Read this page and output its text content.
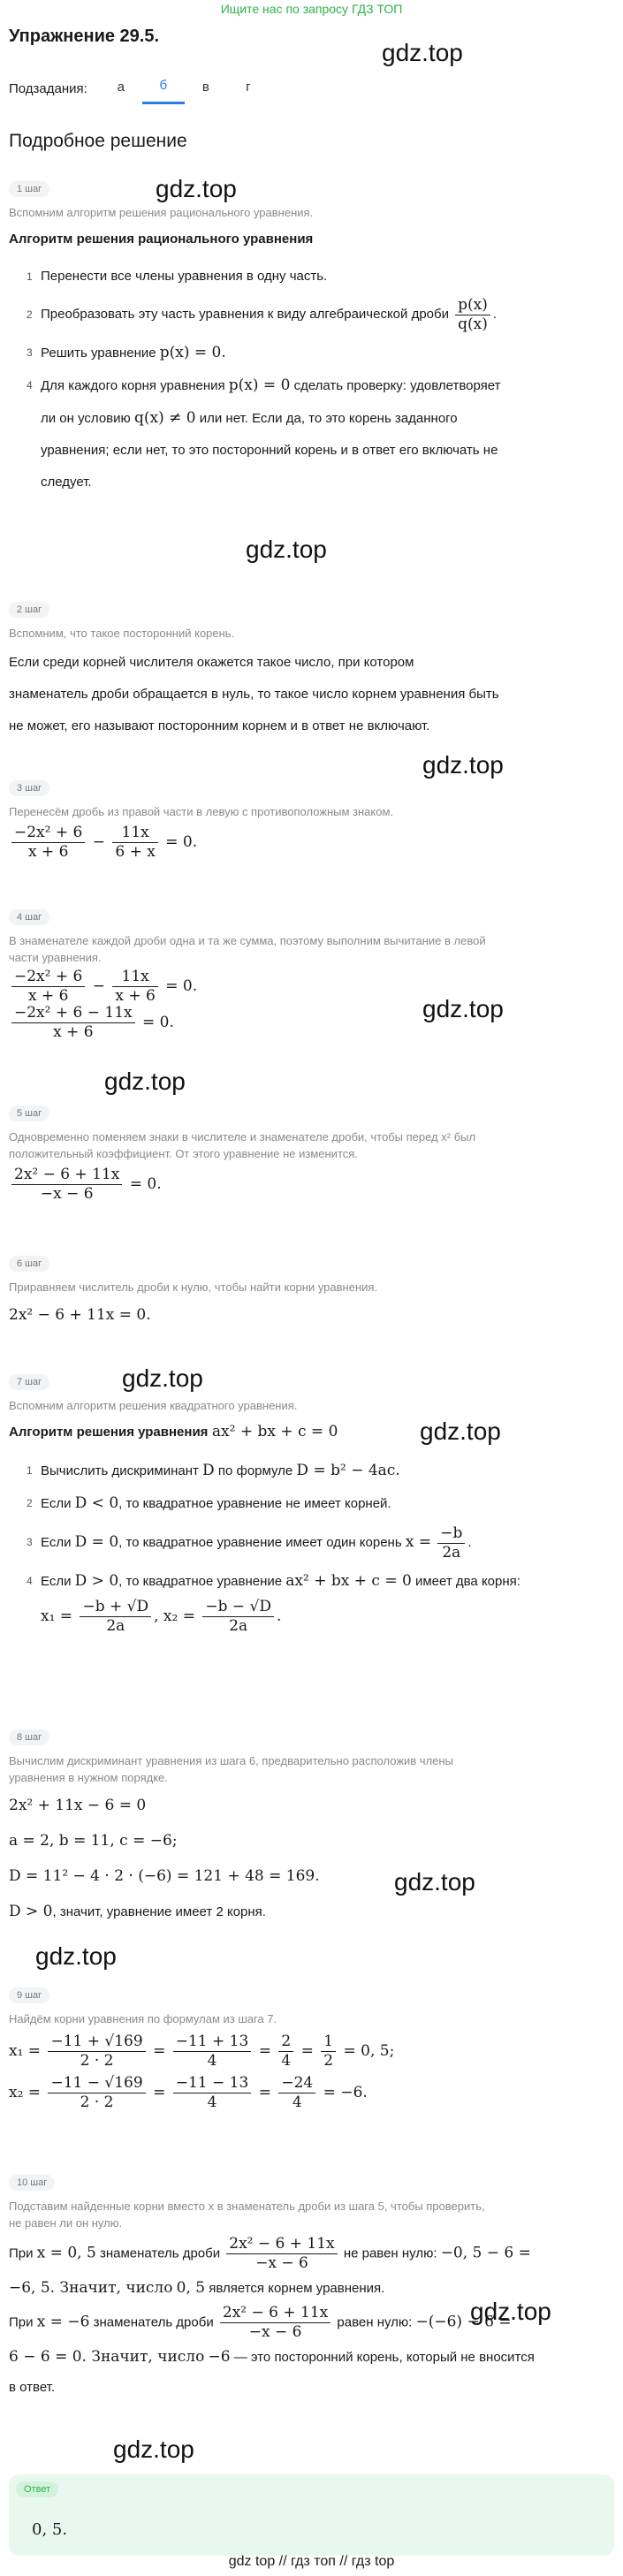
Ищите нас по запросу ГДЗ ТОП
Упражнение 29.5.
gdz.top
Подзадания:	а	б	в	г
Подробное решение
1 шаг
Вспомним алгоритм решения рационального уравнения.
Алгоритм решения рационального уравнения
1 Перенести все члены уравнения в одну часть.
2 Преобразовать эту часть уравнения к виду алгебраической дроби $\frac{p(x)}{q(x)}$ .
3 Решить уравнение p(x) = 0.
4 Для каждого корня уравнения p(x) = 0 сделать проверку: удовлетворяет
ли он условию q(x) ≠ 0 или нет. Если да, то это корень заданного
уравнения; если нет, то это посторонний корень и в ответ его включать не
следует.
gdz.top
gdz.top
2 шаг
Вспомним, что такое посторонний корень.
Если среди корней числителя окажется такое число, при котором
знаменатель дроби обращается в нуль, то такое число корнем уравнения быть
не может, его называют посторонним корнем и в ответ не включают.
gdz.top
3 шаг
Перенесём дробь из правой части в левую с противоположным знаком.
$\frac{\text{−2x² + 6}}{x + 6} - \frac{11x}{6 + x} = 0$.
4 шаг
В знаменателе каждой дроби одна и та же сумма, поэтому выполним вычитание в левой
части уравнения.
$\frac{\text{−2x² + 6}}{x + 6} - \frac{11x}{x + 6} = 0$.
$\frac{\text{−2x² + 6 − 11x}}{x + 6} = 0$.	gdz.top
gdz.top
5 шаг
Одновременно поменяем знаки в числителе и знаменателе дроби, чтобы перед x² был
положительный коэффициент. От этого уравнение не изменится.
$\frac{\text{2x² − 6 + 11x}}{-x - 6} = 0$.
6 шаг
Приравняем числитель дроби к нулю, чтобы найти корни уравнения.
2x² − 6 + 11x = 0.
7 шаг
Вспомним алгоритм решения квадратного уравнения.
Алгоритм решения уравнения ax² + bx + c = 0
1 Вычислить дискриминант D по формуле D = b² − 4ac.
2 Если D < 0, то квадратное уравнение не имеет корней.
3 Если D = 0, то квадратное уравнение имеет один корень $x = \frac{-b}{2a}$ .
4 Если D > 0, то квадратное уравнение ax² + bx + c = 0 имеет два корня:
$x_1 = \frac{-b + √D}{2a}$ , $x_2 = \frac{-b - √D}{2a}$ .
gdz.top
gdz.top
8 шаг
Вычислим дискриминант уравнения из шага 6, предварительно расположив члены
уравнения в нужном порядке.
2x² + 11x − 6 = 0
a = 2, b = 11, c = −6;
D = 11² − 4 · 2 · (−6) = 121 + 48 = 169.
D > 0, значит, уравнение имеет 2 корня.
gdz.top
gdz.top
9 шаг
Найдём корни уравнения по формулам из шага 7.
$x_1 = \frac{-11 + √169}{2 \cdot 2} = \frac{-11 + 13}{4} = \frac{2}{4} = \frac{1}{2} = 0$, 5;
$x_2 = \frac{-11 - √169}{2 \cdot 2} = \frac{-11 - 13}{4} = \frac{-24}{4} = -6$.
10 шаг
Подставим найденные корни вместо x в знаменатель дроби из шага 5, чтобы проверить,
не равен ли он нулю.
При x = 0, 5 знаменатель дроби $\frac{\text{2x² − 6 + 11x}}{-x - 6}$ не равен нулю: −0, 5 − 6 =
−6, 5. Значит, число 0, 5 является корнем уравнения.
При x = −6 знаменатель дроби $\frac{\text{2x² − 6 + 11x}}{-x - 6}$ равен нулю: −(−6) − 6 =
6 − 6 = 0. Значит, число −6 — это посторонний корень, который не вносится
в ответ.
gdz.top
gdz.top
Ответ
0, 5.
gdz top // гдз топ // гдз top
